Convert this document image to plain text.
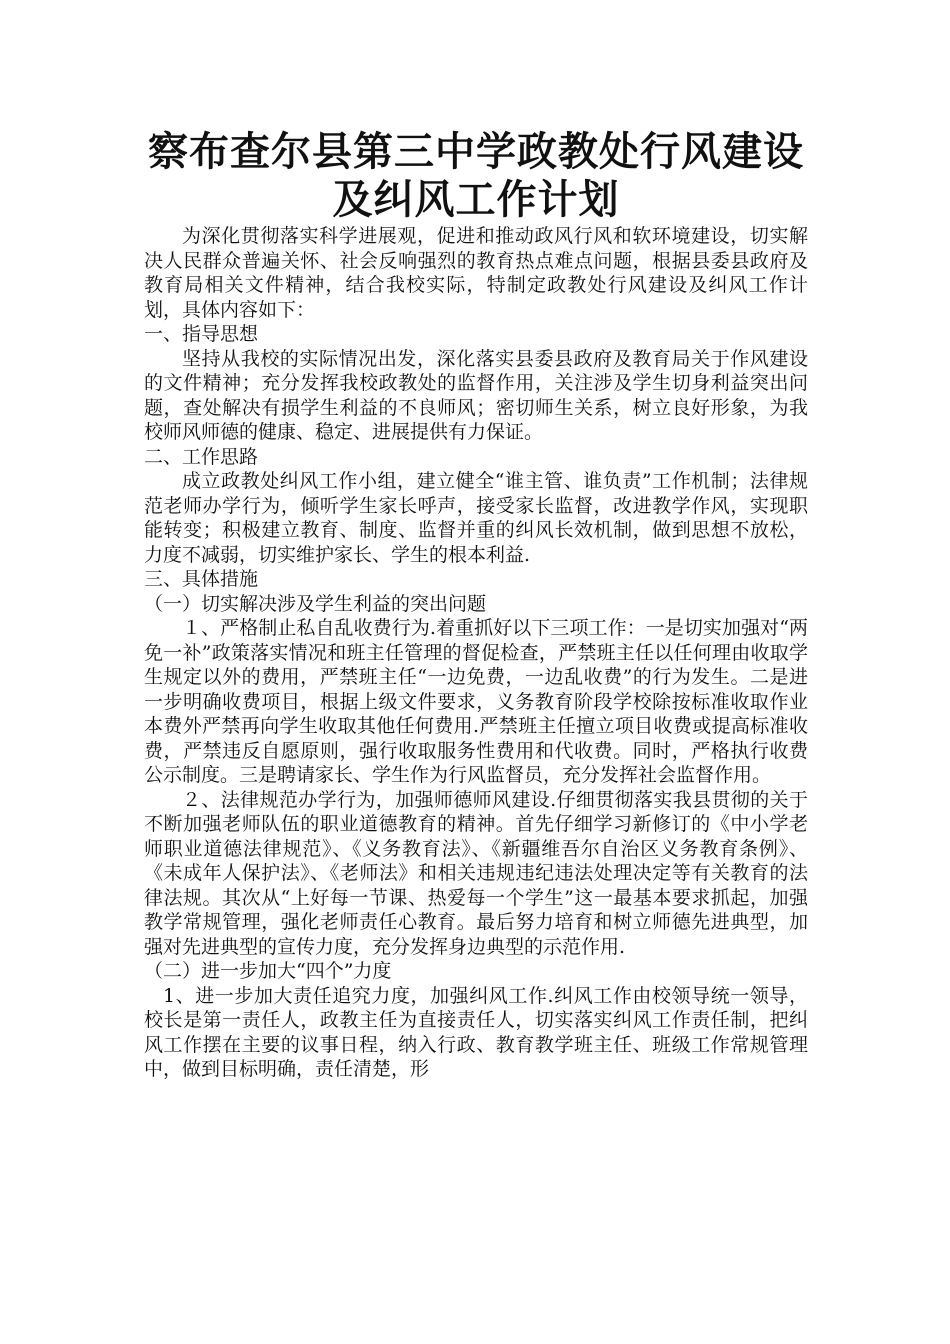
察布查尔县第三中学政教处行风建设及纠风工作计划

为深化贯彻落实科学进展观，促进和推动政风行风和软环境建设，切实解决人民群众普遍关怀、社会反响强烈的教育热点难点问题，根据县委县政府及教育局相关文件精神，结合我校实际，特制定政教处行风建设及纠风工作计划，具体内容如下：

一、指导思想

坚持从我校的实际情况出发，深化落实县委县政府及教育局关于作风建设的文件精神；充分发挥我校政教处的监督作用，关注涉及学生切身利益突出问题，查处解决有损学生利益的不良师风；密切师生关系，树立良好形象，为我校师风师德的健康、稳定、进展提供有力保证。

二、工作思路

成立政教处纠风工作小组，建立健全“谁主管、谁负责”工作机制；法律规范老师办学行为，倾听学生家长呼声，接受家长监督，改进教学作风，实现职能转变；积极建立教育、制度、监督并重的纠风长效机制，做到思想不放松，力度不减弱，切实维护家长、学生的根本利益.

三、具体措施

（一）切实解决涉及学生利益的突出问题

１、严格制止私自乱收费行为.着重抓好以下三项工作：一是切实加强对“两免一补”政策落实情况和班主任管理的督促检查，严禁班主任以任何理由收取学生规定以外的费用，严禁班主任“一边免费，一边乱收费”的行为发生。二是进一步明确收费项目，根据上级文件要求，义务教育阶段学校除按标准收取作业本费外严禁再向学生收取其他任何费用.严禁班主任擅立项目收费或提高标准收费，严禁违反自愿原则，强行收取服务性费用和代收费。同时，严格执行收费公示制度。三是聘请家长、学生作为行风监督员，充分发挥社会监督作用。

２、法律规范办学行为，加强师德师风建设.仔细贯彻落实我县贯彻的关于不断加强老师队伍的职业道德教育的精神。首先仔细学习新修订的《中小学老师职业道德法律规范》、《义务教育法》、《新疆维吾尔自治区义务教育条例》、《未成年人保护法》、《老师法》和相关违规违纪违法处理决定等有关教育的法律法规。其次从“上好每一节课、热爱每一个学生”这一最基本要求抓起，加强教学常规管理，强化老师责任心教育。最后努力培育和树立师德先进典型，加强对先进典型的宣传力度，充分发挥身边典型的示范作用.

（二）进一步加大“四个”力度

1、进一步加大责任追究力度，加强纠风工作.纠风工作由校领导统一领导，校长是第一责任人，政教主任为直接责任人，切实落实纠风工作责任制，把纠风工作摆在主要的议事日程，纳入行政、教育教学班主任、班级工作常规管理中，做到目标明确，责任清楚，形
